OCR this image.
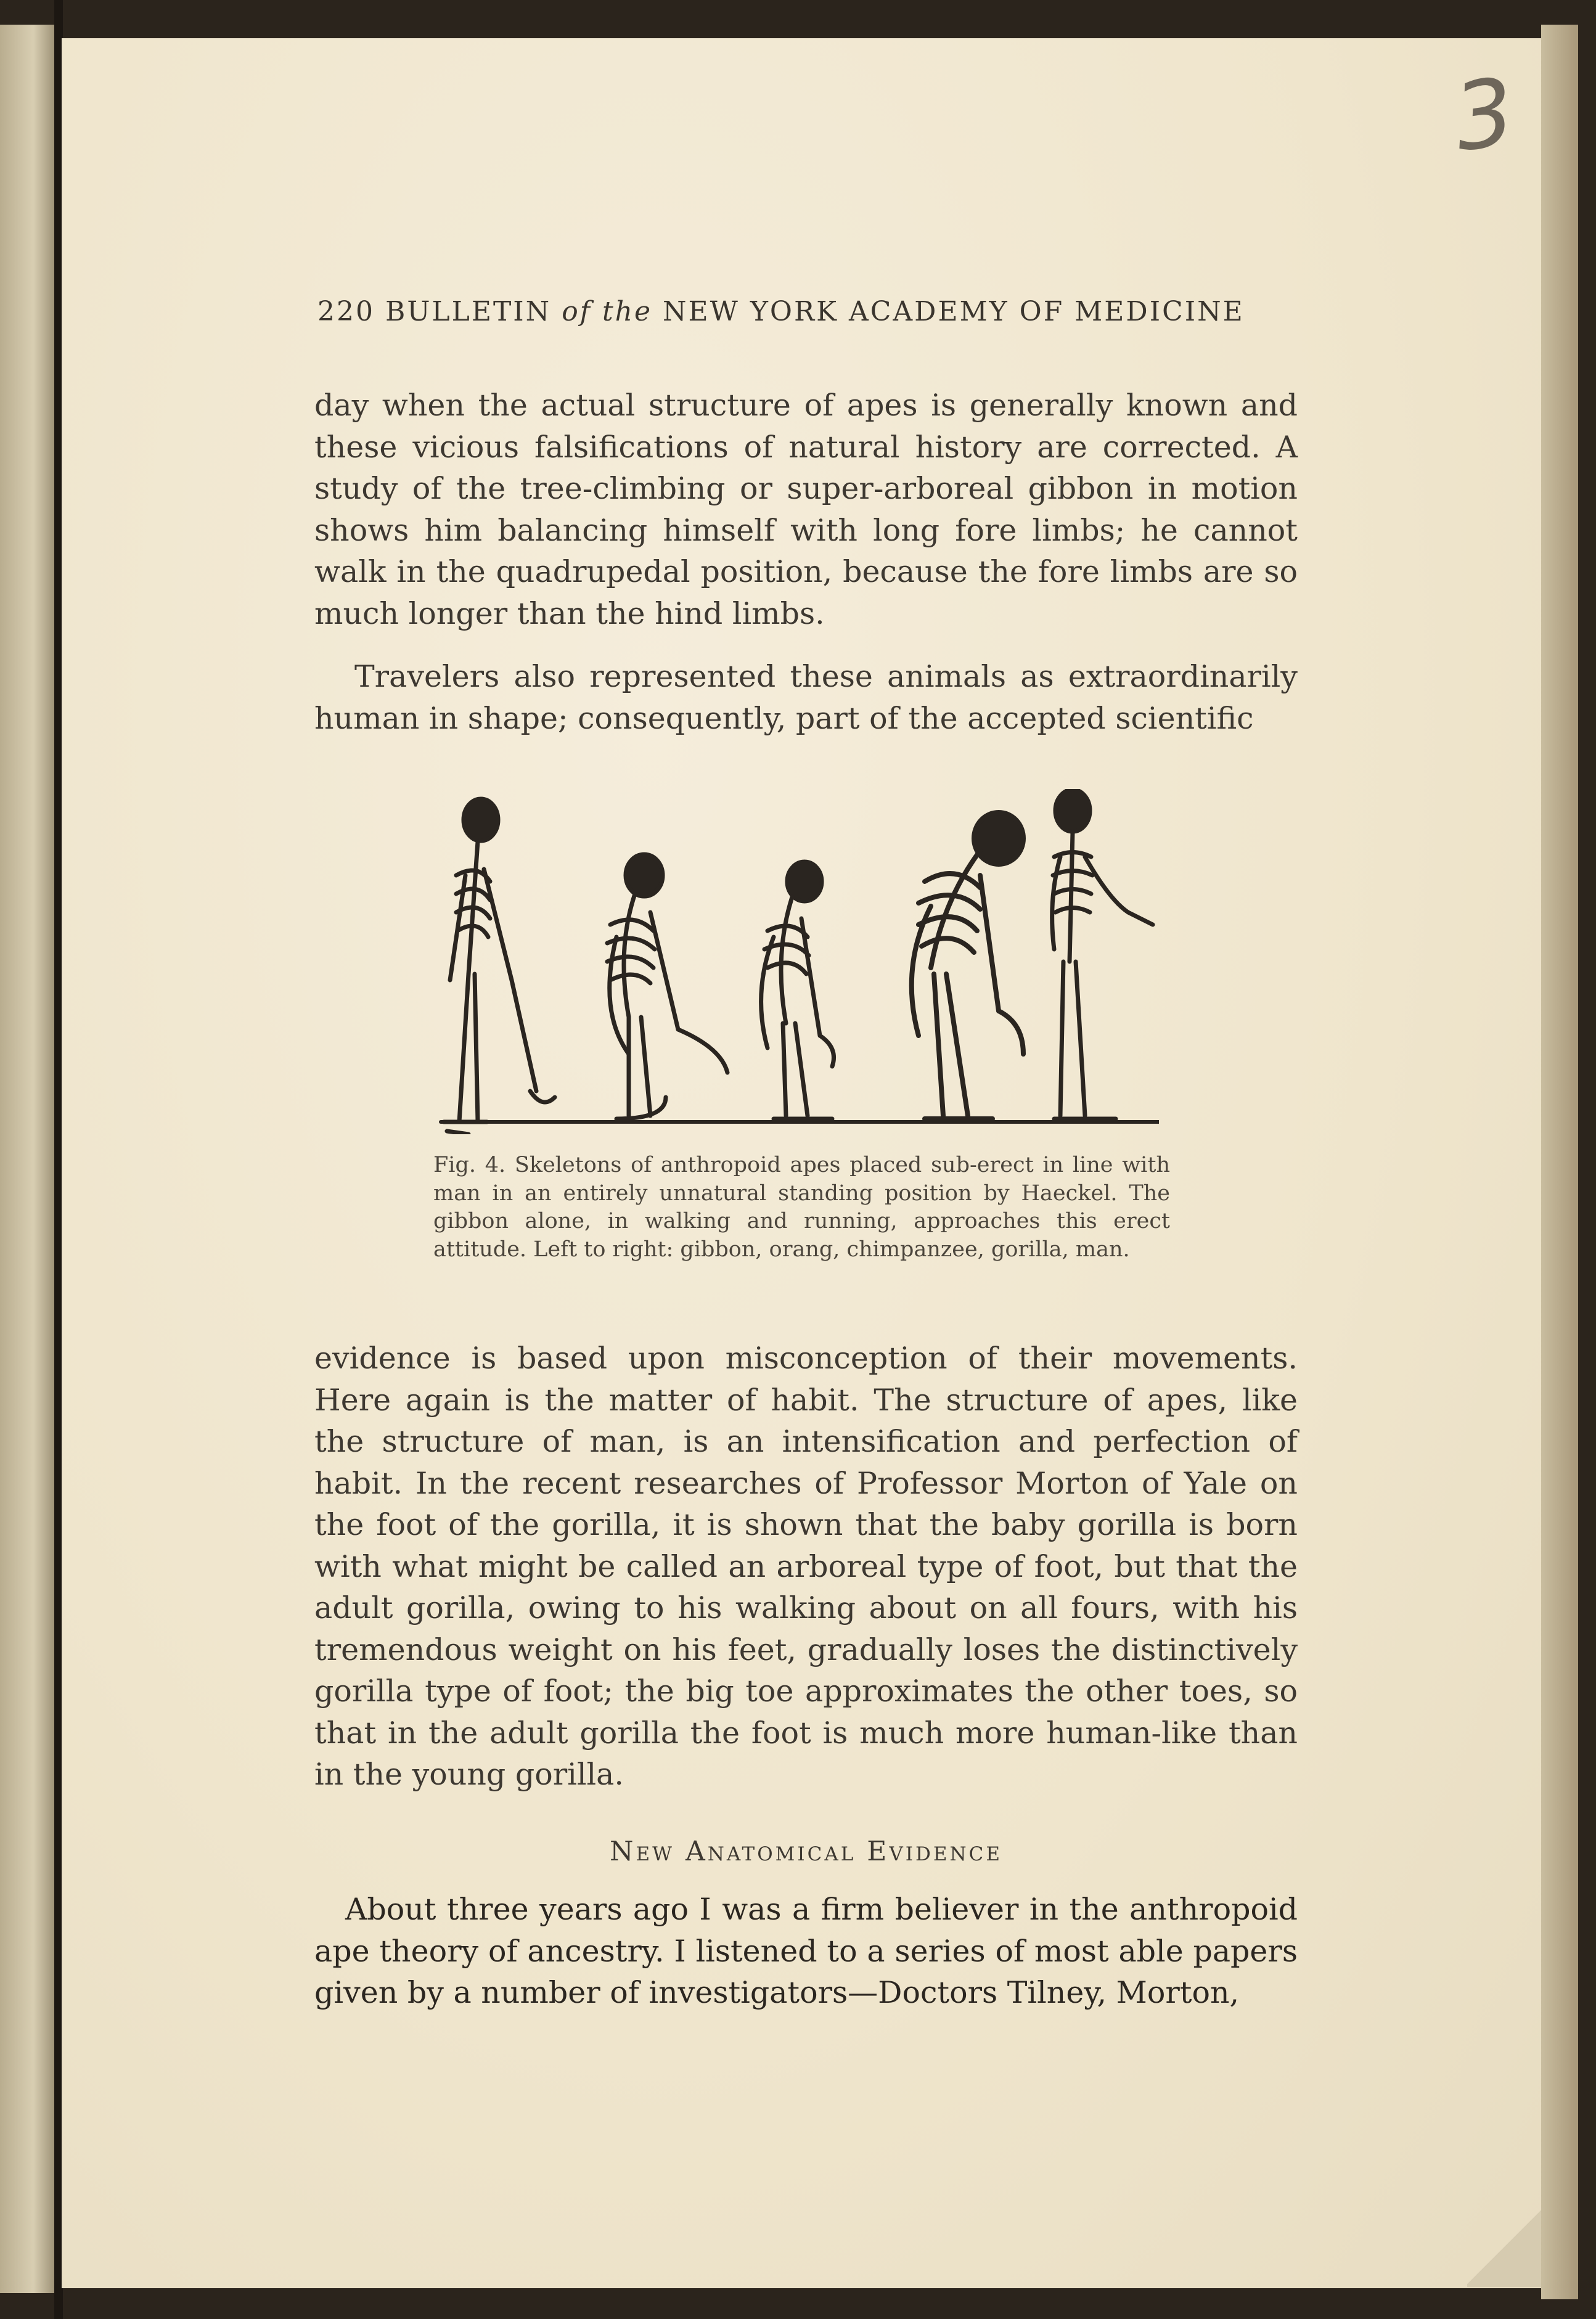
3
220 BULLETIN of the NEW YORK ACADEMY OF MEDICINE

day when the actual structure of apes is generally known and these vicious falsifications of natural history are corrected. A study of the tree-climbing or super-arboreal gibbon in motion shows him balancing himself with long fore limbs; he cannot walk in the quadrupedal position, because the fore limbs are so much longer than the hind limbs.

Travelers also represented these animals as extraordinarily human in shape; consequently, part of the accepted scientific

Fig. 4. Skeletons of anthropoid apes placed sub-erect in line with man in an entirely unnatural standing position by Haeckel. The gibbon alone, in walking and running, approaches this erect attitude. Left to right: gibbon, orang, chimpanzee, gorilla, man.

evidence is based upon misconception of their movements. Here again is the matter of habit. The structure of apes, like the structure of man, is an intensification and perfection of habit. In the recent researches of Professor Morton of Yale on the foot of the gorilla, it is shown that the baby gorilla is born with what might be called an arboreal type of foot, but that the adult gorilla, owing to his walking about on all fours, with his tremendous weight on his feet, gradually loses the distinctively gorilla type of foot; the big toe approximates the other toes, so that in the adult gorilla the foot is much more human-like than in the young gorilla.

New Anatomical Evidence

About three years ago I was a firm believer in the anthropoid ape theory of ancestry. I listened to a series of most able papers given by a number of investigators—Doctors Tilney, Morton,
